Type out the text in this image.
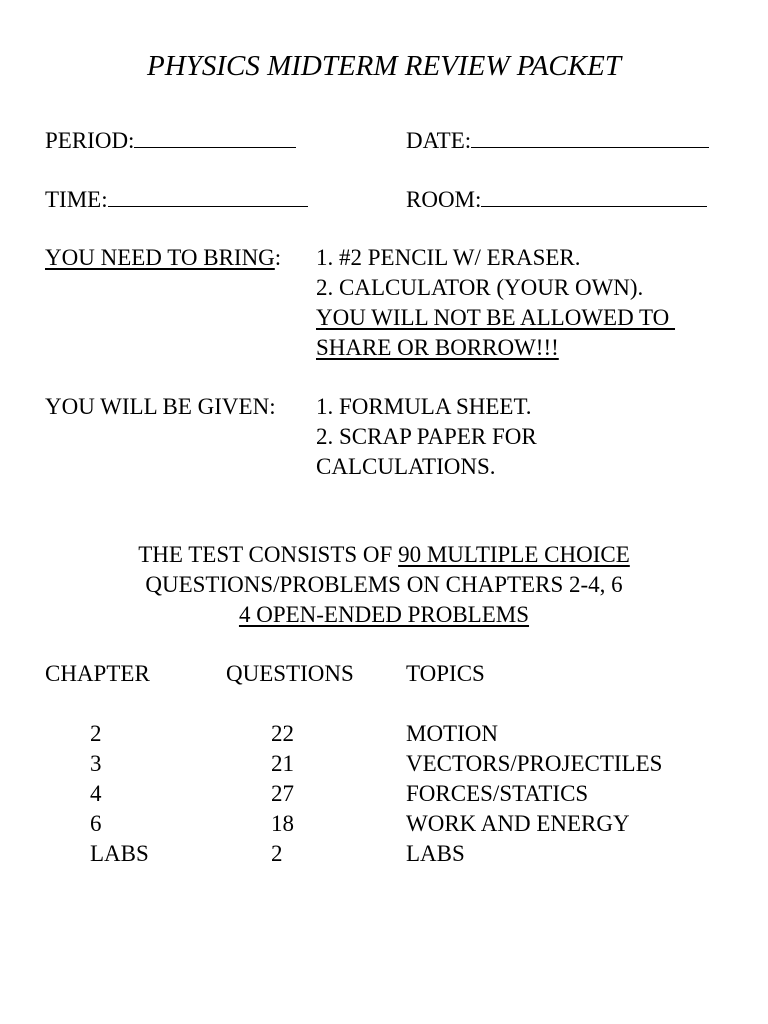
PHYSICS MIDTERM REVIEW PACKET
PERIOD:	DATE:
TIME:	ROOM:
YOU NEED TO BRING: 1. #2 PENCIL W/ ERASER.
2. CALCULATOR (YOUR OWN).
YOU WILL NOT BE ALLOWED TO
SHARE OR BORROW!!!
YOU WILL BE GIVEN: 1. FORMULA SHEET.
2. SCRAP PAPER FOR
CALCULATIONS.
THE TEST CONSISTS OF 90 MULTIPLE CHOICE
QUESTIONS/PROBLEMS ON CHAPTERS 2-4, 6
4 OPEN-ENDED PROBLEMS
CHAPTER	QUESTIONS TOPICS
2	22	MOTION
3	21	VECTORS/PROJECTILES
4	27	FORCES/STATICS
6	18	WORK AND ENERGY
LABS	2	LABS
